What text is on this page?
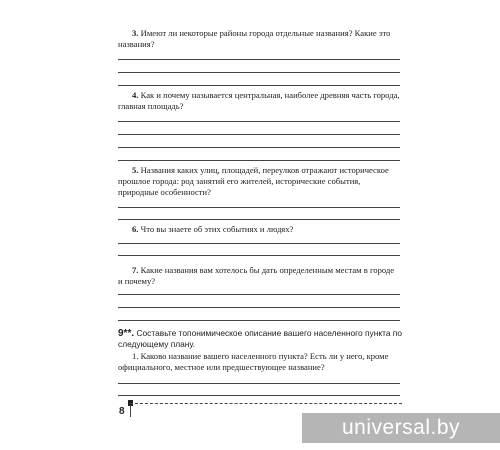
3. Имеют ли некоторые районы города отдельные названия? Какие это названия?

4. Как и почему называется центральная, наиболее древняя часть города, главная площадь?

5. Названия каких улиц, площадей, переулков отражают историческое прошлое города: род занятий его жителей, исторические события, природные особенности?

6. Что вы знаете об этих событиях и людях?

7. Какие названия вам хотелось бы дать определенным местам в городе и почему?

9**. Составьте топонимическое описание вашего населенного пункта по следующему плану.
1. Каково название вашего населенного пункта? Есть ли у него, кроме официального, местное или предшествующее название?
8
universal.by
